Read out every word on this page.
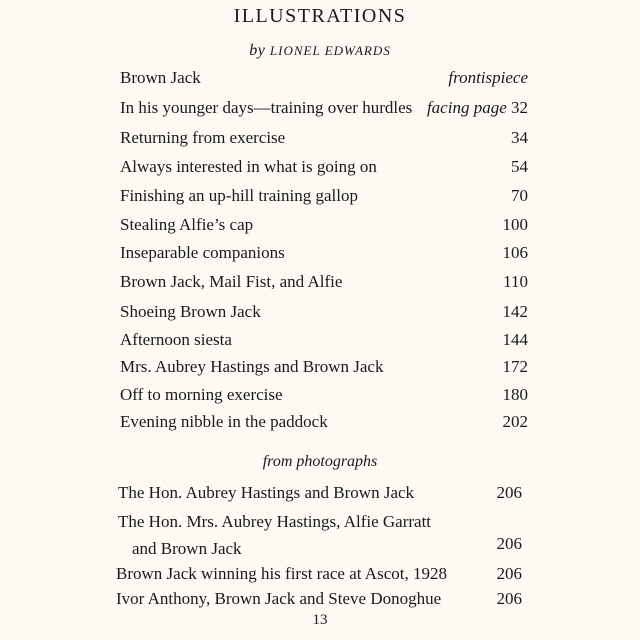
ILLUSTRATIONS
by LIONEL EDWARDS
Brown Jack	frontispiece
In his younger days—training over hurdles facing page 32
Returning from exercise	34
Always interested in what is going on	54
Finishing an up-hill training gallop	70
Stealing Alfie’s cap	100
Inseparable companions	106
Brown Jack, Mail Fist, and Alfie	110
Shoeing Brown Jack	142
Afternoon siesta	144
Mrs. Aubrey Hastings and Brown Jack	172
Off to morning exercise	180
Evening nibble in the paddock	202
from photographs
The Hon. Aubrey Hastings and Brown Jack	206
The Hon. Mrs. Aubrey Hastings, Alfie Garratt
and Brown Jack	206
Brown Jack winning his first race at Ascot, 1928	206
Ivor Anthony, Brown Jack and Steve Donoghue	206
13
